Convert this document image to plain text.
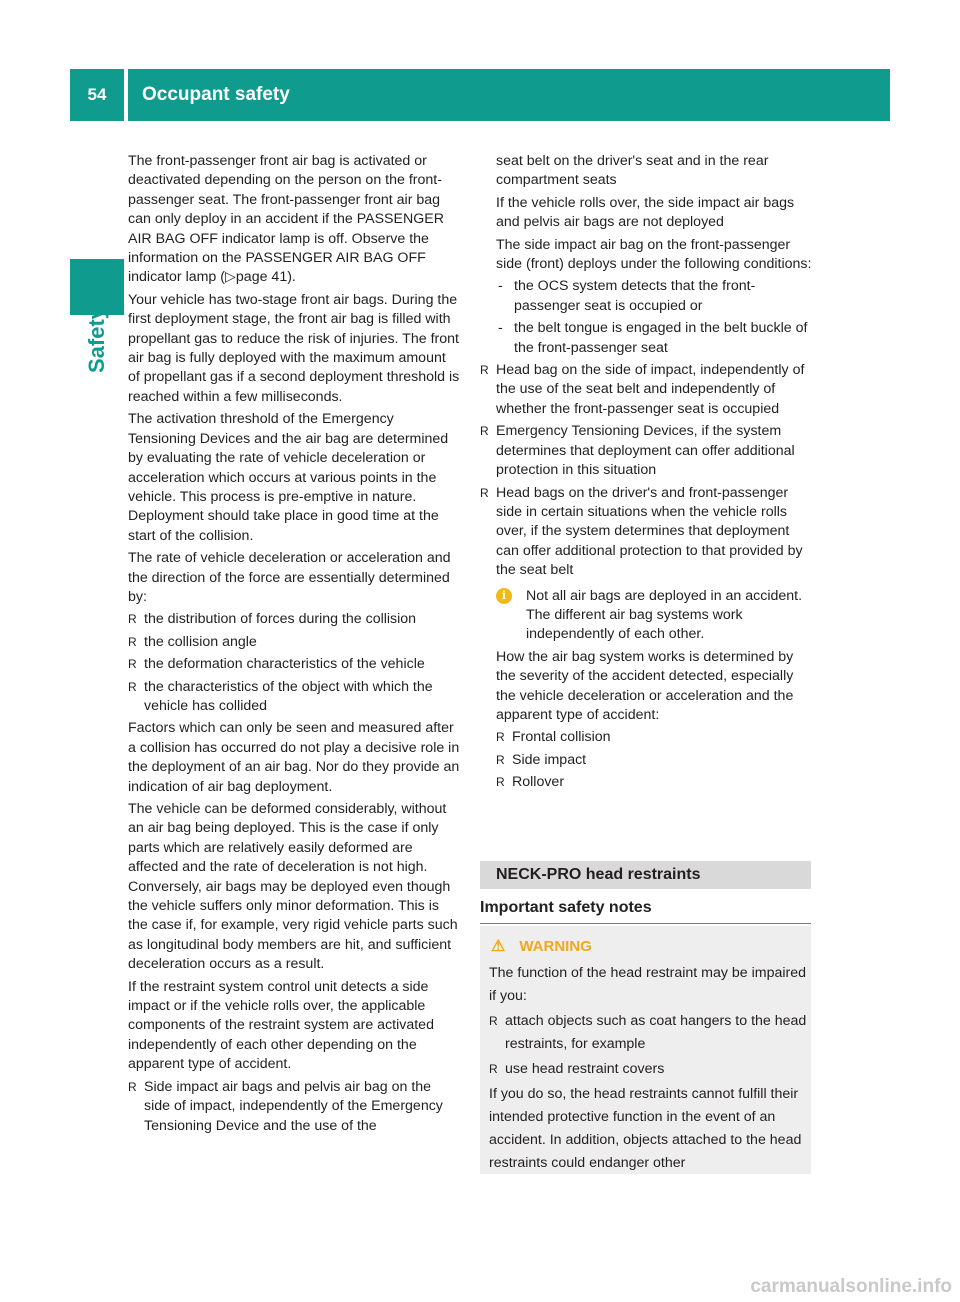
54	Occupant safety
Safety

The front-passenger front air bag is activated or deactivated depending on the person on the front-passenger seat. The front-passenger front air bag can only deploy in an accident if the PASSENGER AIR BAG OFF indicator lamp is off. Observe the information on the PASSENGER AIR BAG OFF indicator lamp (▷page 41).

Your vehicle has two-stage front air bags. During the first deployment stage, the front air bag is filled with propellant gas to reduce the risk of injuries. The front air bag is fully deployed with the maximum amount of propellant gas if a second deployment threshold is reached within a few milliseconds.

The activation threshold of the Emergency Tensioning Devices and the air bag are determined by evaluating the rate of vehicle deceleration or acceleration which occurs at various points in the vehicle. This process is pre-emptive in nature. Deployment should take place in good time at the start of the collision.

The rate of vehicle deceleration or acceleration and the direction of the force are essentially determined by:

R the distribution of forces during the collision
R the collision angle
R the deformation characteristics of the vehicle
R the characteristics of the object with which the vehicle has collided

Factors which can only be seen and measured after a collision has occurred do not play a decisive role in the deployment of an air bag. Nor do they provide an indication of air bag deployment.

The vehicle can be deformed considerably, without an air bag being deployed. This is the case if only parts which are relatively easily deformed are affected and the rate of deceleration is not high. Conversely, air bags may be deployed even though the vehicle suffers only minor deformation. This is the case if, for example, very rigid vehicle parts such as longitudinal body members are hit, and sufficient deceleration occurs as a result.

If the restraint system control unit detects a side impact or if the vehicle rolls over, the applicable components of the restraint system are activated independently of each other depending on the apparent type of accident.

R Side impact air bags and pelvis air bag on the side of impact, independently of the Emergency Tensioning Device and the use of the

seat belt on the driver's seat and in the rear compartment seats

If the vehicle rolls over, the side impact air bags and pelvis air bags are not deployed

The side impact air bag on the front-passenger side (front) deploys under the following conditions:

- the OCS system detects that the front-passenger seat is occupied or
- the belt tongue is engaged in the belt buckle of the front-passenger seat
R Head bag on the side of impact, independently of the use of the seat belt and independently of whether the front-passenger seat is occupied
R Emergency Tensioning Devices, if the system determines that deployment can offer additional protection in this situation
R Head bags on the driver's and front-passenger side in certain situations when the vehicle rolls over, if the system determines that deployment can offer additional protection to that provided by the seat belt

i	Not all air bags are deployed in an accident. The different air bag systems work independently of each other.

How the air bag system works is determined by the severity of the accident detected, especially the vehicle deceleration or acceleration and the apparent type of accident:

R Frontal collision
R Side impact
R Rollover
NECK-PRO head restraints
Important safety notes
⚠ WARNING

The function of the head restraint may be impaired if you:

R attach objects such as coat hangers to the head restraints, for example
R use head restraint covers

If you do so, the head restraints cannot fulfill their intended protective function in the event of an accident. In addition, objects attached to the head restraints could endanger other

carmanualsonline.info
